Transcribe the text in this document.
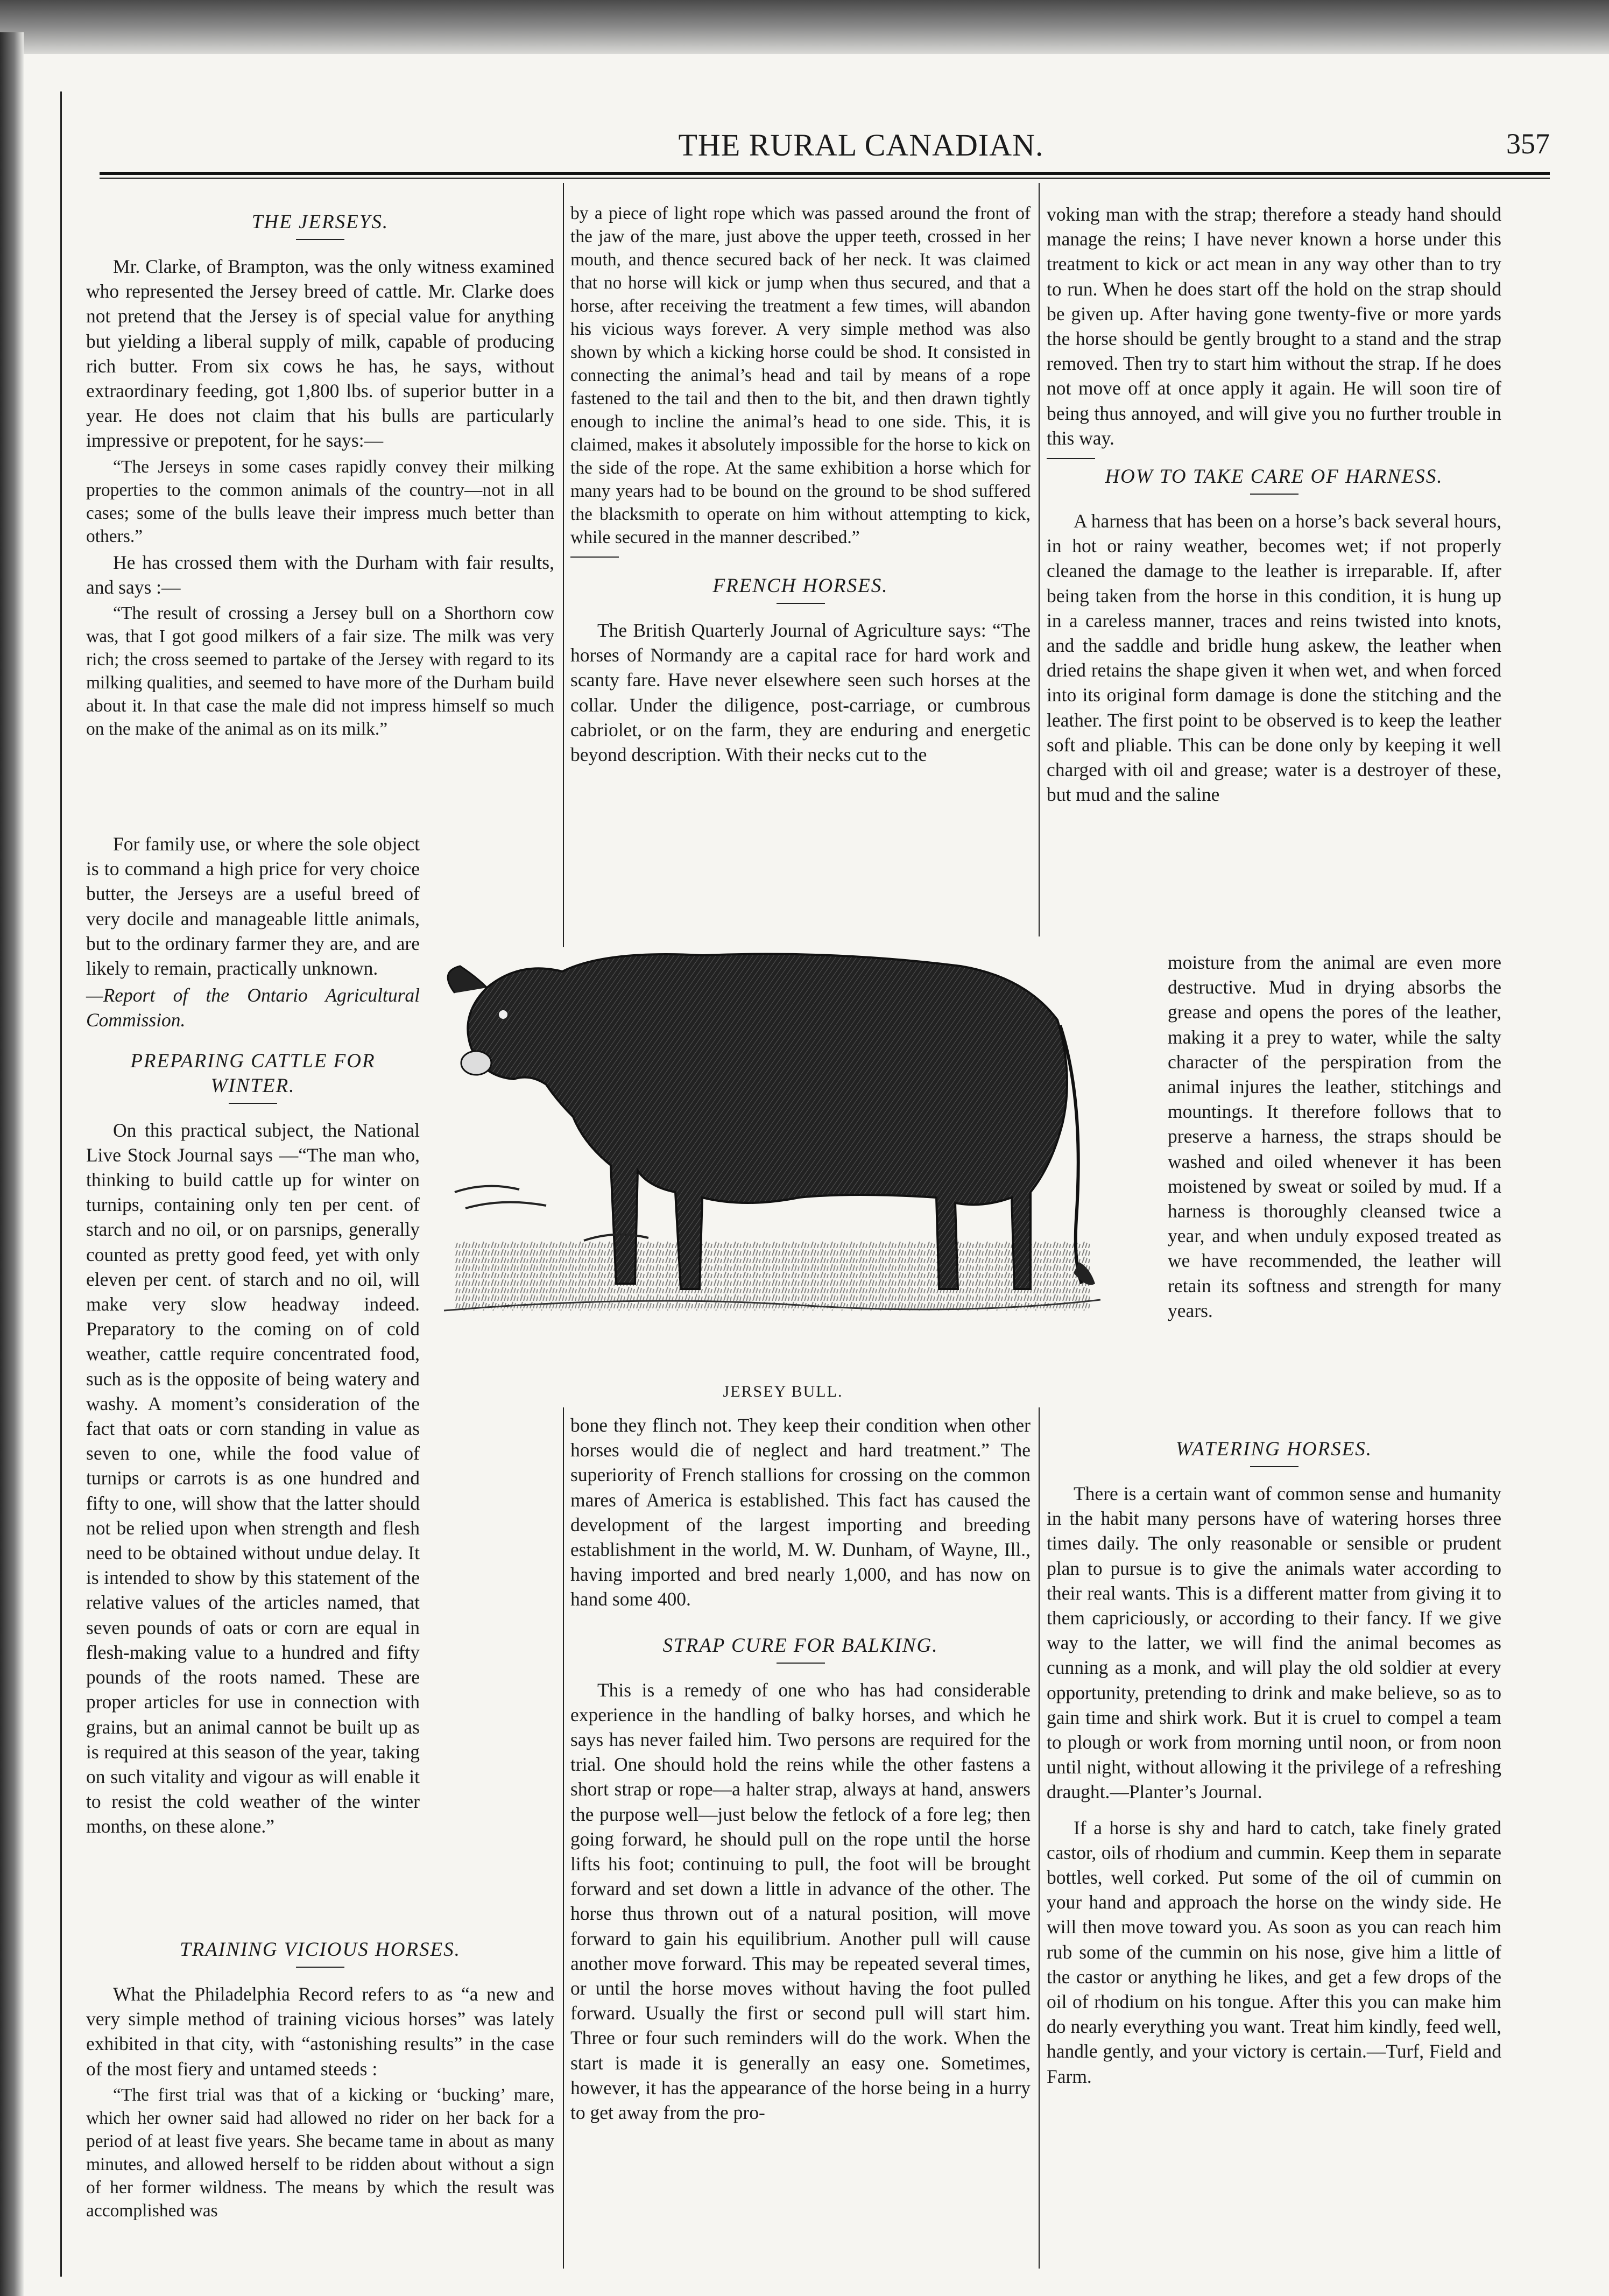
THE RURAL CANADIAN.	357
THE JERSEYS.

Mr. Clarke, of Brampton, was the only witness examined who represented the Jersey breed of cattle. Mr. Clarke does not pretend that the Jersey is of special value for anything but yielding a liberal supply of milk, capable of producing rich butter. From six cows he has, he says, without extraordinary feeding, got 1,800 lbs. of superior butter in a year. He does not claim that his bulls are particularly impressive or prepotent, for he says:—

“The Jerseys in some cases rapidly convey their milking properties to the common animals of the country—not in all cases; some of the bulls leave their impress much better than others.”

He has crossed them with the Durham with fair results, and says :—

“The result of crossing a Jersey bull on a Shorthorn cow was, that I got good milkers of a fair size. The milk was very rich; the cross seemed to partake of the Jersey with regard to its milking qualities, and seemed to have more of the Durham build about it. In that case the male did not impress himself so much on the make of the animal as on its milk.”

For family use, or where the sole object is to command a high price for very choice butter, the Jerseys are a useful breed of very docile and manageable little animals, but to the ordinary farmer they are, and are likely to remain, practically unknown.

—Report of the Ontario Agricultural Commission.

PREPARING CATTLE FOR WINTER.

On this practical subject, the National Live Stock Journal says —“The man who, thinking to build cattle up for winter on turnips, containing only ten per cent. of starch and no oil, or on parsnips, generally counted as pretty good feed, yet with only eleven per cent. of starch and no oil, will make very slow headway indeed. Preparatory to the coming on of cold weather, cattle require concentrated food, such as is the opposite of being watery and washy. A moment’s consideration of the fact that oats or corn standing in value as seven to one, while the food value of turnips or carrots is as one hundred and fifty to one, will show that the latter should not be relied upon when strength and flesh need to be obtained without undue delay. It is intended to show by this statement of the relative values of the articles named, that seven pounds of oats or corn are equal in flesh-making value to a hundred and fifty pounds of the roots named. These are proper articles for use in connection with grains, but an animal cannot be built up as is required at this season of the year, taking on such vitality and vigour as will enable it to resist the cold weather of the winter months, on these alone.”

TRAINING VICIOUS HORSES.

What the Philadelphia Record refers to as “a new and very simple method of training vicious horses” was lately exhibited in that city, with “astonishing results” in the case of the most fiery and untamed steeds :

“The first trial was that of a kicking or ‘bucking’ mare, which her owner said had allowed no rider on her back for a period of at least five years. She became tame in about as many minutes, and allowed herself to be ridden about without a sign of her former wildness. The means by which the result was accomplished was

by a piece of light rope which was passed around the front of the jaw of the mare, just above the upper teeth, crossed in her mouth, and thence secured back of her neck. It was claimed that no horse will kick or jump when thus secured, and that a horse, after receiving the treatment a few times, will abandon his vicious ways forever. A very simple method was also shown by which a kicking horse could be shod. It consisted in connecting the animal’s head and tail by means of a rope fastened to the tail and then to the bit, and then drawn tightly enough to incline the animal’s head to one side. This, it is claimed, makes it absolutely impossible for the horse to kick on the side of the rope. At the same exhibition a horse which for many years had to be bound on the ground to be shod suffered the blacksmith to operate on him without attempting to kick, while secured in the manner described.”

FRENCH HORSES.

The British Quarterly Journal of Agriculture says: “The horses of Normandy are a capital race for hard work and scanty fare. Have never elsewhere seen such horses at the collar. Under the diligence, post-carriage, or cumbrous cabriolet, or on the farm, they are enduring and energetic beyond description. With their necks cut to the

bone they flinch not. They keep their condition when other horses would die of neglect and hard treatment.” The superiority of French stallions for crossing on the common mares of America is established. This fact has caused the development of the largest importing and breeding establishment in the world, M. W. Dunham, of Wayne, Ill., having imported and bred nearly 1,000, and has now on hand some 400.

STRAP CURE FOR BALKING.

This is a remedy of one who has had considerable experience in the handling of balky horses, and which he says has never failed him. Two persons are required for the trial. One should hold the reins while the other fastens a short strap or rope—a halter strap, always at hand, answers the purpose well—just below the fetlock of a fore leg; then going forward, he should pull on the rope until the horse lifts his foot; continuing to pull, the foot will be brought forward and set down a little in advance of the other. The horse thus thrown out of a natural position, will move forward to gain his equilibrium. Another pull will cause another move forward. This may be repeated several times, or until the horse moves without having the foot pulled forward. Usually the first or second pull will start him. Three or four such reminders will do the work. When the start is made it is generally an easy one. Sometimes, however, it has the appearance of the horse being in a hurry to get away from the pro-

voking man with the strap; therefore a steady hand should manage the reins; I have never known a horse under this treatment to kick or act mean in any way other than to try to run. When he does start off the hold on the strap should be given up. After having gone twenty-five or more yards the horse should be gently brought to a stand and the strap removed. Then try to start him without the strap. If he does not move off at once apply it again. He will soon tire of being thus annoyed, and will give you no further trouble in this way.

HOW TO TAKE CARE OF HARNESS.

A harness that has been on a horse’s back several hours, in hot or rainy weather, becomes wet; if not properly cleaned the damage to the leather is irreparable. If, after being taken from the horse in this condition, it is hung up in a careless manner, traces and reins twisted into knots, and the saddle and bridle hung askew, the leather when dried retains the shape given it when wet, and when forced into its original form damage is done the stitching and the leather. The first point to be observed is to keep the leather soft and pliable. This can be done only by keeping it well charged with oil and grease; water is a destroyer of these, but mud and the saline

moisture from the animal are even more destructive. Mud in drying absorbs the grease and opens the pores of the leather, making it a prey to water, while the salty character of the perspiration from the animal injures the leather, stitchings and mountings. It therefore follows that to preserve a harness, the straps should be washed and oiled whenever it has been moistened by sweat or soiled by mud. If a harness is thoroughly cleansed twice a year, and when unduly exposed treated as we have recommended, the leather will retain its softness and strength for many years.

WATERING HORSES.

There is a certain want of common sense and humanity in the habit many persons have of watering horses three times daily. The only reasonable or sensible or prudent plan to pursue is to give the animals water according to their real wants. This is a different matter from giving it to them capriciously, or according to their fancy. If we give way to the latter, we will find the animal becomes as cunning as a monk, and will play the old soldier at every opportunity, pretending to drink and make believe, so as to gain time and shirk work. But it is cruel to compel a team to plough or work from morning until noon, or from noon until night, without allowing it the privilege of a refreshing draught.—Planter’s Journal.

If a horse is shy and hard to catch, take finely grated castor, oils of rhodium and cummin. Keep them in separate bottles, well corked. Put some of the oil of cummin on your hand and approach the horse on the windy side. He will then move toward you. As soon as you can reach him rub some of the cummin on his nose, give him a little of the castor or anything he likes, and get a few drops of the oil of rhodium on his tongue. After this you can make him do nearly everything you want. Treat him kindly, feed well, handle gently, and your victory is certain.—Turf, Field and Farm.

JERSEY BULL.
